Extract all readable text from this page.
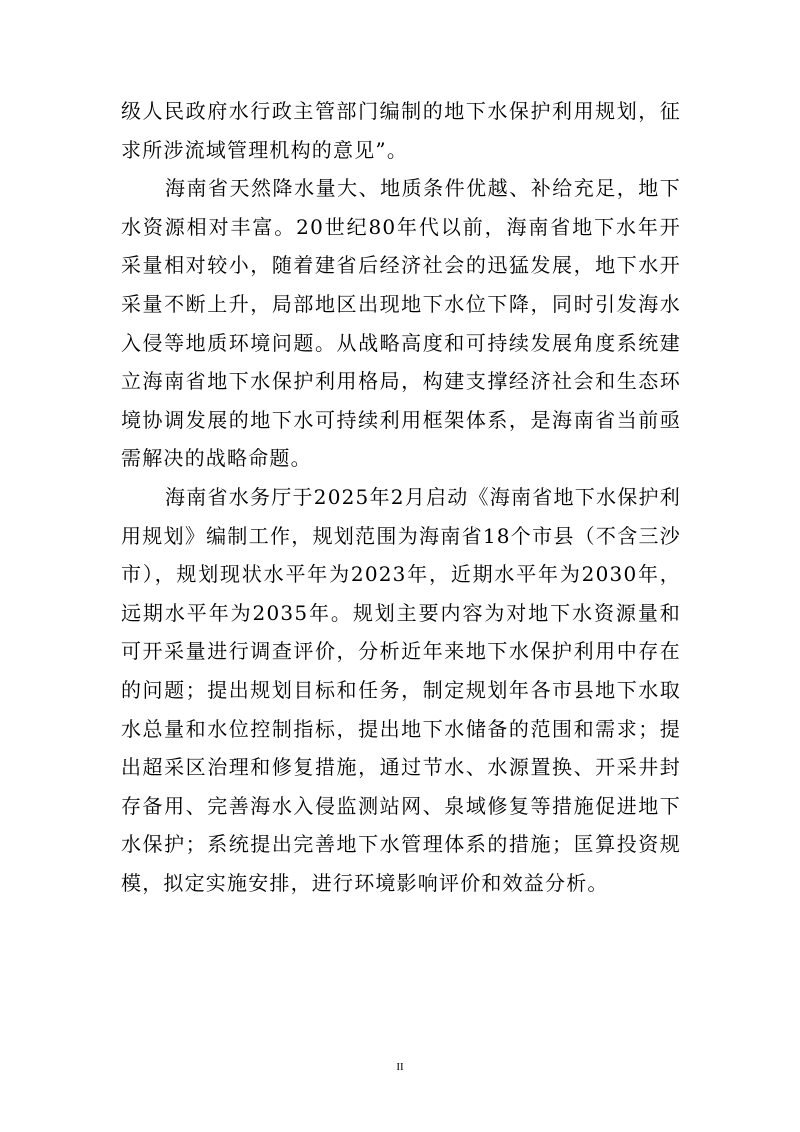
级人民政府水行政主管部门编制的地下水保护利用规划，征求所涉流域管理机构的意见”。

海南省天然降水量大、地质条件优越、补给充足，地下水资源相对丰富。20世纪80年代以前，海南省地下水年开采量相对较小，随着建省后经济社会的迅猛发展，地下水开采量不断上升，局部地区出现地下水位下降，同时引发海水入侵等地质环境问题。从战略高度和可持续发展角度系统建立海南省地下水保护利用格局，构建支撑经济社会和生态环境协调发展的地下水可持续利用框架体系，是海南省当前亟需解决的战略命题。

海南省水务厅于2025年2月启动《海南省地下水保护利用规划》编制工作，规划范围为海南省18个市县（不含三沙市），规划现状水平年为2023年，近期水平年为2030年，远期水平年为2035年。规划主要内容为对地下水资源量和可开采量进行调查评价，分析近年来地下水保护利用中存在的问题；提出规划目标和任务，制定规划年各市县地下水取水总量和水位控制指标，提出地下水储备的范围和需求；提出超采区治理和修复措施，通过节水、水源置换、开采井封存备用、完善海水入侵监测站网、泉域修复等措施促进地下水保护；系统提出完善地下水管理体系的措施；匡算投资规模，拟定实施安排，进行环境影响评价和效益分析。

II
